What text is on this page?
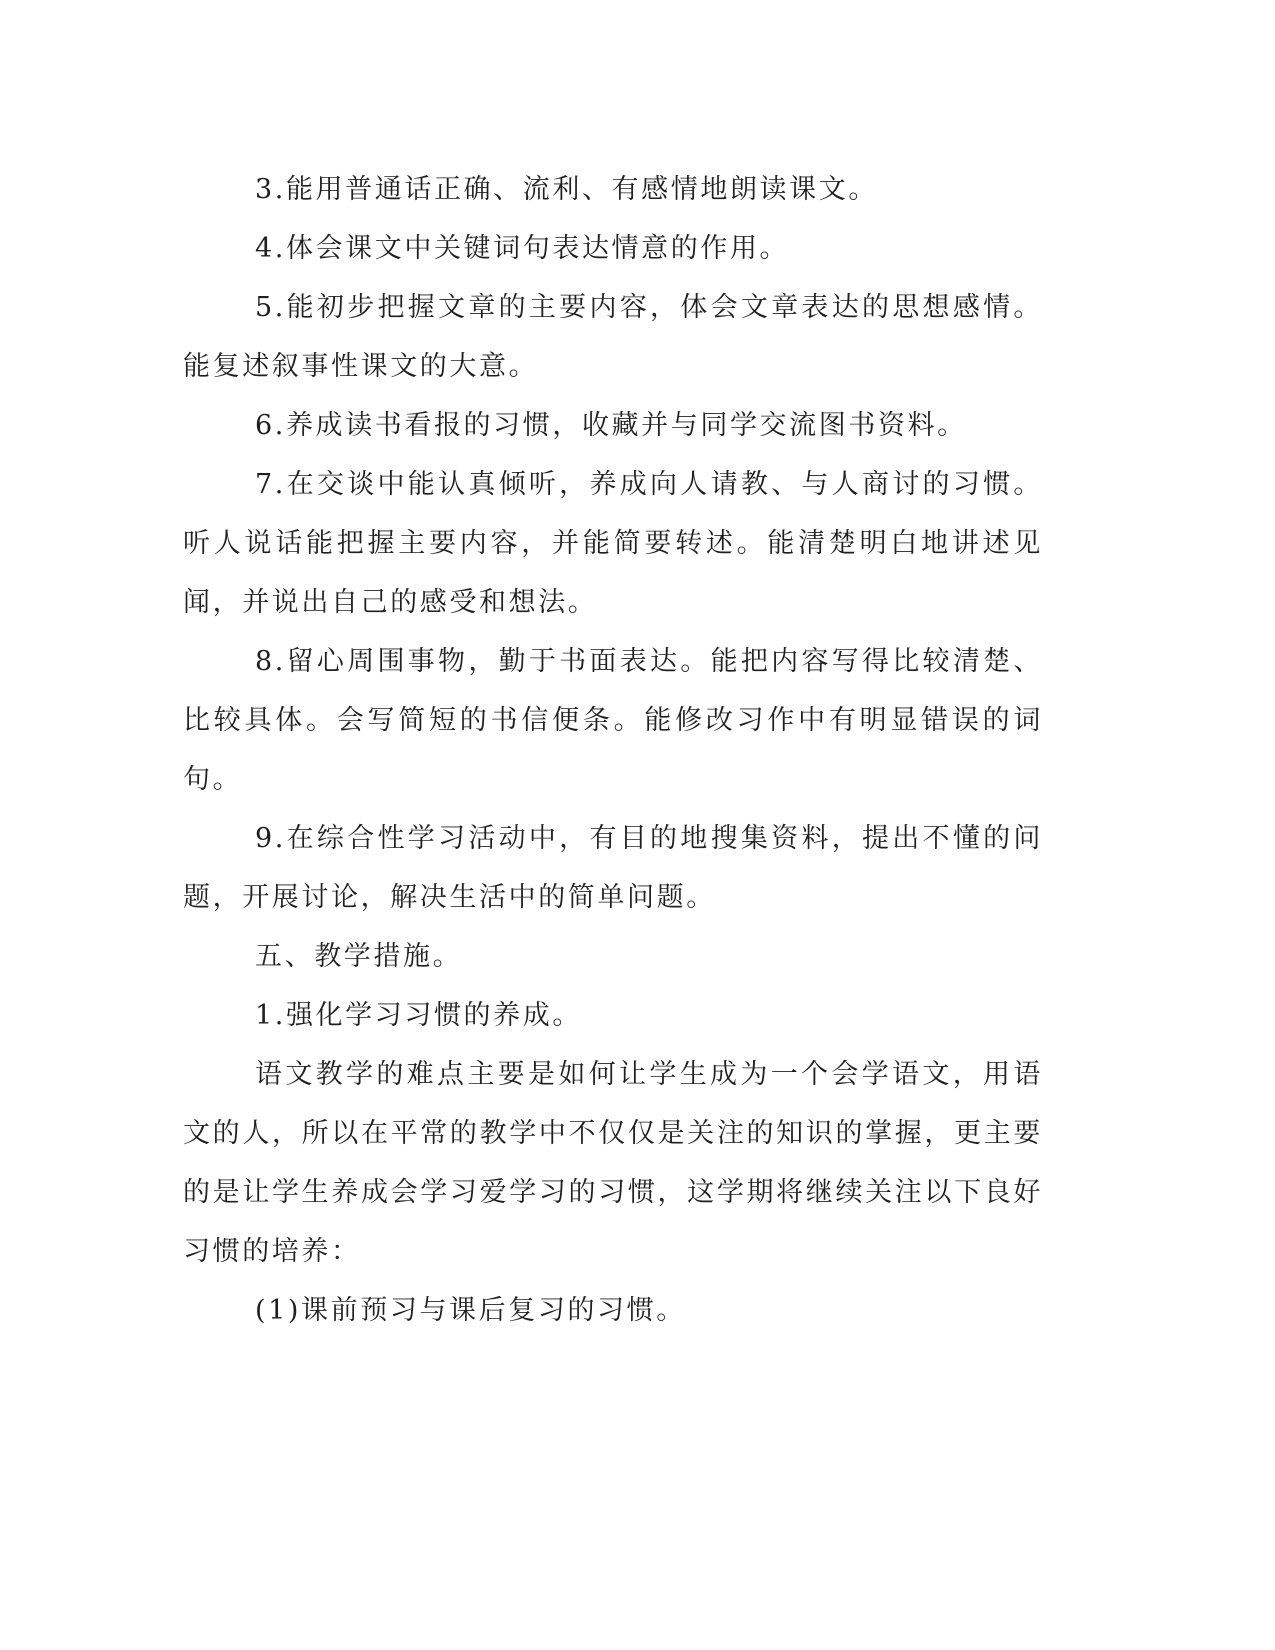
3.能用普通话正确、流利、有感情地朗读课文。

4.体会课文中关键词句表达情意的作用。

5.能初步把握文章的主要内容，体会文章表达的思想感情。能复述叙事性课文的大意。

6.养成读书看报的习惯，收藏并与同学交流图书资料。

7.在交谈中能认真倾听，养成向人请教、与人商讨的习惯。听人说话能把握主要内容，并能简要转述。能清楚明白地讲述见闻，并说出自己的感受和想法。

8.留心周围事物，勤于书面表达。能把内容写得比较清楚、比较具体。会写简短的书信便条。能修改习作中有明显错误的词句。

9.在综合性学习活动中，有目的地搜集资料，提出不懂的问题，开展讨论，解决生活中的简单问题。

五、教学措施。

1.强化学习习惯的养成。

语文教学的难点主要是如何让学生成为一个会学语文，用语文的人，所以在平常的教学中不仅仅是关注的知识的掌握，更主要的是让学生养成会学习爱学习的习惯，这学期将继续关注以下良好习惯的培养：

(1)课前预习与课后复习的习惯。
